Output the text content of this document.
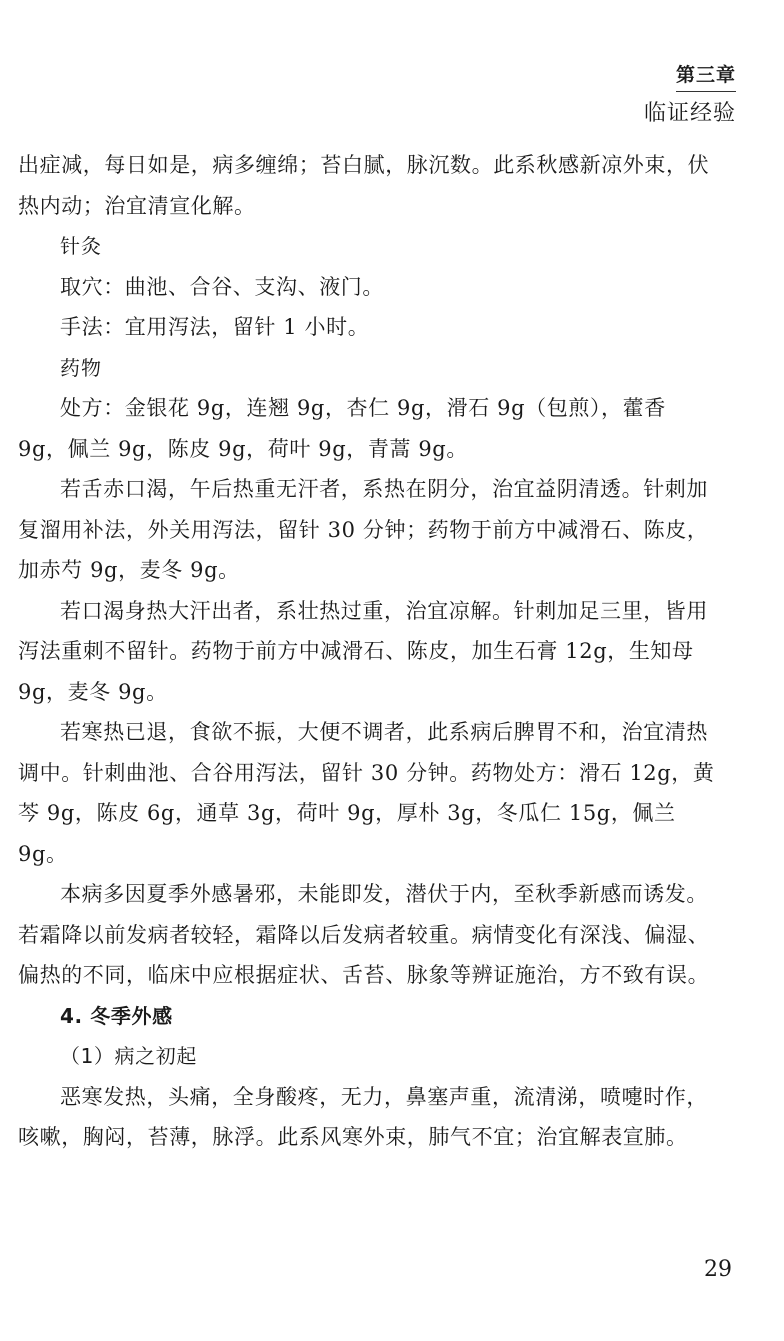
第三章
临证经验

出症减，每日如是，病多缠绵；苔白腻，脉沉数。此系秋感新凉外束，伏热内动；治宜清宣化解。

针灸

取穴：曲池、合谷、支沟、液门。

手法：宜用泻法，留针 1 小时。

药物

处方：金银花 9g，连翘 9g，杏仁 9g，滑石 9g（包煎），藿香 9g，佩兰 9g，陈皮 9g，荷叶 9g，青蒿 9g。

若舌赤口渴，午后热重无汗者，系热在阴分，治宜益阴清透。针刺加复溜用补法，外关用泻法，留针 30 分钟；药物于前方中减滑石、陈皮，加赤芍 9g，麦冬 9g。

若口渴身热大汗出者，系壮热过重，治宜凉解。针刺加足三里，皆用泻法重刺不留针。药物于前方中减滑石、陈皮，加生石膏 12g，生知母 9g，麦冬 9g。

若寒热已退，食欲不振，大便不调者，此系病后脾胃不和，治宜清热调中。针刺曲池、合谷用泻法，留针 30 分钟。药物处方：滑石 12g，黄芩 9g，陈皮 6g，通草 3g，荷叶 9g，厚朴 3g，冬瓜仁 15g，佩兰 9g。

本病多因夏季外感暑邪，未能即发，潜伏于内，至秋季新感而诱发。若霜降以前发病者较轻，霜降以后发病者较重。病情变化有深浅、偏湿、偏热的不同，临床中应根据症状、舌苔、脉象等辨证施治，方不致有误。

4. 冬季外感

（1）病之初起

恶寒发热，头痛，全身酸疼，无力，鼻塞声重，流清涕，喷嚏时作，咳嗽，胸闷，苔薄，脉浮。此系风寒外束，肺气不宜；治宜解表宣肺。

29
